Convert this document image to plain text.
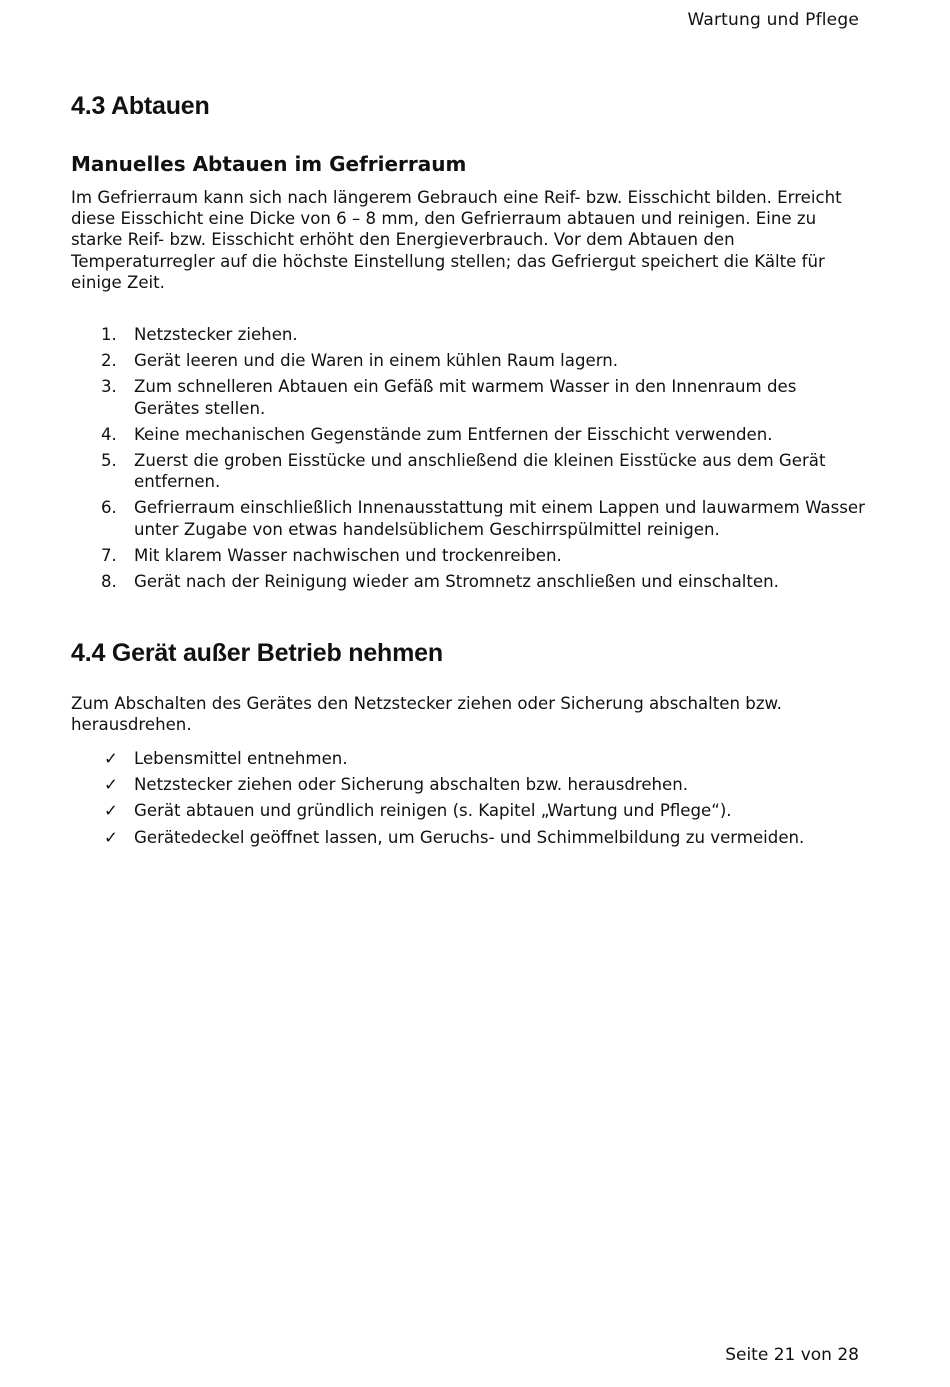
Wartung und Pflege
4.3 Abtauen
Manuelles Abtauen im Gefrierraum

Im Gefrierraum kann sich nach längerem Gebrauch eine Reif- bzw. Eisschicht bilden. Erreicht diese Eisschicht eine Dicke von 6 – 8 mm, den Gefrierraum abtauen und reinigen. Eine zu starke Reif- bzw. Eisschicht erhöht den Energieverbrauch. Vor dem Abtauen den Temperaturregler auf die höchste Einstellung stellen; das Gefriergut speichert die Kälte für einige Zeit.

1.	Netzstecker ziehen.
2.	Gerät leeren und die Waren in einem kühlen Raum lagern.
3.	Zum schnelleren Abtauen ein Gefäß mit warmem Wasser in den Innenraum des Gerätes stellen.
4.	Keine mechanischen Gegenstände zum Entfernen der Eisschicht verwenden.
5.	Zuerst die groben Eisstücke und anschließend die kleinen Eisstücke aus dem Gerät entfernen.
6.	Gefrierraum einschließlich Innenausstattung mit einem Lappen und lauwarmem Wasser unter Zugabe von etwas handelsüblichem Geschirrspülmittel reinigen.
7.	Mit klarem Wasser nachwischen und trockenreiben.
8.	Gerät nach der Reinigung wieder am Stromnetz anschließen und einschalten.
4.4 Gerät außer Betrieb nehmen

Zum Abschalten des Gerätes den Netzstecker ziehen oder Sicherung abschalten bzw. herausdrehen.

✓ Lebensmittel entnehmen.
✓ Netzstecker ziehen oder Sicherung abschalten bzw. herausdrehen.
✓ Gerät abtauen und gründlich reinigen (s. Kapitel „Wartung und Pflege“).
✓ Gerätedeckel geöffnet lassen, um Geruchs- und Schimmelbildung zu vermeiden.
Seite 21 von 28
